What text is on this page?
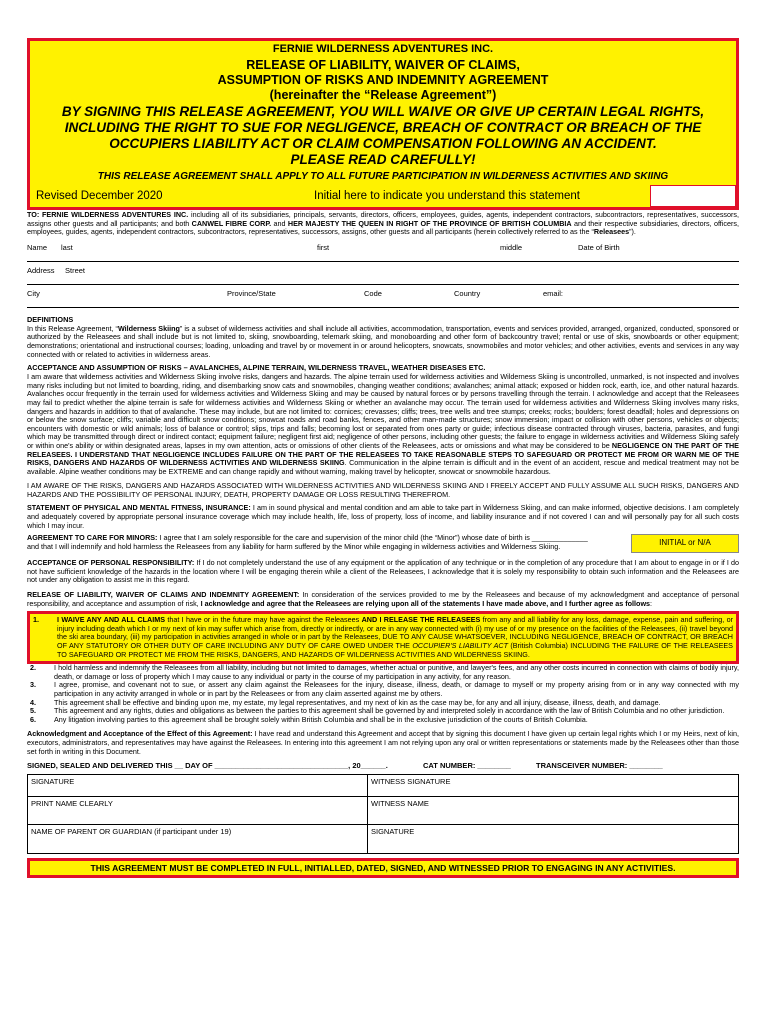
FERNIE WILDERNESS ADVENTURES INC.
RELEASE OF LIABILITY, WAIVER OF CLAIMS,
ASSUMPTION OF RISKS AND INDEMNITY AGREEMENT
(hereinafter the “Release Agreement”)
BY SIGNING THIS RELEASE AGREEMENT, YOU WILL WAIVE OR GIVE UP CERTAIN LEGAL RIGHTS,
INCLUDING THE RIGHT TO SUE FOR NEGLIGENCE, BREACH OF CONTRACT OR BREACH OF THE
OCCUPIERS LIABILITY ACT OR CLAIM COMPENSATION FOLLOWING AN ACCIDENT.
PLEASE READ CAREFULLY!
THIS RELEASE AGREEMENT SHALL APPLY TO ALL FUTURE PARTICIPATION IN WILDERNESS ACTIVITIES AND SKIING
Revised December 2020	Initial here to indicate you understand this statement
TO: FERNIE WILDERNESS ADVENTURES INC. including all of its subsidiaries, principals, servants, directors, officers, employees, guides, agents, independent contractors, subcontractors, representatives, successors, assigns other guests and all participants; and both CANWEL FIBRE CORP. and HER MAJESTY THE QUEEN IN RIGHT OF THE PROVINCE OF BRITISH COLUMBIA and their respective subsidiaries, directors, officers, employees, guides, agents, independent contractors, subcontractors, representatives, successors, assigns, other guests and all participants (herein collectively referred to as the “Releasees”).
Name	last	first	middle	Date of Birth
Address	Street
City	Province/State	Code	Country	email:
DEFINITIONS

In this Release Agreement, “Wilderness Skiing” is a subset of wilderness activities and shall include all activities, accommodation, transportation, events and services provided, arranged, organized, conducted, sponsored or authorized by the Releasees and shall include but is not limited to, skiing, snowboarding, telemark skiing, and monoboarding and other form of backcountry travel; rental or use of skis, snowboards or other equipment; demonstrations; orientational and instructional courses; loading, unloading and travel by or movement in or around helicopters, snowcats, snowmobiles and motor vehicles; and other activities, events and services in any way connected with or related to activities in wilderness areas.

ACCEPTANCE AND ASSUMPTION OF RISKS – AVALANCHES, ALPINE TERRAIN, WILDERNESS TRAVEL, WEATHER DISEASES ETC.

I am aware that wilderness activities and Wilderness Skiing involve risks, dangers and hazards. The alpine terrain used for wilderness activities and Wilderness Skiing is uncontrolled, unmarked, is not inspected and involves many risks including but not limited to boarding, riding, and disembarking snow cats and snowmobiles, changing weather conditions; avalanches; animal attack; exposed or hidden rock, earth, ice, and other natural hazards. Avalanches occur frequently in the terrain used for wilderness activities and Wilderness Skiing and may be caused by natural forces or by persons travelling through the terrain. I acknowledge and accept that the Releasees may fail to predict whether the alpine terrain is safe for wilderness activities and Wilderness Skiing or whether an avalanche may occur. The terrain used for wilderness activities and Wilderness Skiing involves many risks, dangers and hazards in addition to that of avalanche. These may include, but are not limited to: cornices; crevasses; cliffs; trees, tree wells and tree stumps; creeks; rocks; boulders; forest deadfall; holes and depressions on or below the snow surface; cliffs; variable and difficult snow conditions; snowcat roads and road banks, fences, and other man-made structures; snow immersion; impact or collision with other persons, vehicles or objects; encounters with domestic or wild animals; loss of balance or control; slips, trips and falls; becoming lost or separated from ones party or guide; infectious disease contracted through viruses, bacteria, parasites, and fungi which may be transmitted through direct or indirect contact; equipment failure; negligent first aid; negligence of other persons, including other guests; the failure to engage in wilderness activities and Wilderness Skiing safely or within one's ability or within designated areas, lapses in my own attention, acts or omissions of other clients of the Releasees, acts or omissions and what may be considered to be NEGLIGENCE ON THE PART OF THE RELEASEES. I UNDERSTAND THAT NEGLIGENCE INCLUDES FAILURE ON THE PART OF THE RELEASEES TO TAKE REASONABLE STEPS TO SAFEGUARD OR PROTECT ME FROM OR WARN ME OF THE RISKS, DANGERS AND HAZARDS OF WILDERNESS ACTIVITIES AND WILDERNESS SKIING. Communication in the alpine terrain is difficult and in the event of an accident, rescue and medical treatment may not be available. Alpine weather conditions may be EXTREME and can change rapidly and without warning, making travel by helicopter, snowcat or snowmobile hazardous.

I AM AWARE OF THE RISKS, DANGERS AND HAZARDS ASSOCIATED WITH WILDERNESS ACTIVITIES AND WILDERNESS SKIING AND I FREELY ACCEPT AND FULLY ASSUME ALL SUCH RISKS, DANGERS AND HAZARDS AND THE POSSIBILITY OF PERSONAL INJURY, DEATH, PROPERTY DAMAGE OR LOSS RESULTING THEREFROM.

STATEMENT OF PHYSICAL AND MENTAL FITNESS, INSURANCE: I am in sound physical and mental condition and am able to take part in Wilderness Skiing, and can make informed, objective decisions. I am completely and adequately covered by appropriate personal insurance coverage which may include health, life, loss of property, loss of income, and liability insurance and if not covered I can and will personally pay for all such costs which I may incur.

AGREEMENT TO CARE FOR MINORS: I agree that I am solely responsible for the care and supervision of the minor child (the “Minor”) whose date of birth is ______________
and that I will indemnify and hold harmless the Releasees from any liability for harm suffered by the Minor while engaging in wilderness activities and Wilderness Skiing.	INITIAL or N/A

ACCEPTANCE OF PERSONAL RESPONSIBILITY: If I do not completely understand the use of any equipment or the application of any technique or in the completion of any procedure that I am about to engage in or if I do not have sufficient knowledge of the hazards in the location where I will be engaging therein while a client of the Releasees, I acknowledge that it is solely my responsibility to obtain such information and the Releasees are not under any obligation to assist me in this regard.

RELEASE OF LIABILITY, WAIVER OF CLAIMS AND INDEMNITY AGREEMENT: In consideration of the services provided to me by the Releasees and because of my acknowledgment and acceptance of personal responsibility, and acceptance and assumption of risk, I acknowledge and agree that the Releasees are relying upon all of the statements I have made above, and I further agree as follows:

1.	I WAIVE ANY AND ALL CLAIMS that I have or in the future may have against the Releasees AND I RELEASE THE RELEASEES from any and all liability for any loss, damage, expense, pain and suffering, or injury including death which I or my next of kin may suffer which arise from, directly or indirectly, or are in any way connected with (i) my use of or my presence on the facilities of the Releasees, (ii) travel beyond the ski area boundary, (iii) my participation in activities arranged in whole or in part by the Releasees, DUE TO ANY CAUSE WHATSOEVER, INCLUDING NEGLIGENCE, BREACH OF CONTRACT, OR BREACH OF ANY STATUTORY OR OTHER DUTY OF CARE INCLUDING ANY DUTY OF CARE OWED UNDER THE OCCUPIER'S LIABILITY ACT (British Columbia) INCLUDING THE FAILURE OF THE RELEASEES TO SAFEGUARD OR PROTECT ME FROM THE RISKS, DANGERS, AND HAZARDS OF WILDERNESS ACTIVITIES AND WILDERNESS SKIING.
2.	I hold harmless and indemnify the Releasees from all liability, including but not limited to damages, whether actual or punitive, and lawyer's fees, and any other costs incurred in connection with claims of bodily injury, death, or damage or loss of property which I may cause to any individual or party in the course of my participation in any activity, for any reason.
3.	I agree, promise, and covenant not to sue, or assert any claim against the Releasees for the injury, disease, illness, death, or damage to myself or my property arising from or in any way connected with my participation in any activity arranged in whole or in part by the Releasees or from any claim asserted against me by others.
4.	This agreement shall be effective and binding upon me, my estate, my legal representatives, and my next of kin as the case may be, for any and all injury, disease, illness, death, and damage.
5.	This agreement and any rights, duties and obligations as between the parties to this agreement shall be governed by and interpreted solely in accordance with the law of British Columbia and no other jurisdiction.
6.	Any litigation involving parties to this agreement shall be brought solely within British Columbia and shall be in the exclusive jurisdiction of the courts of British Columbia.

Acknowledgment and Acceptance of the Effect of this Agreement: I have read and understand this Agreement and accept that by signing this document I have given up certain legal rights which I or my Heirs, next of kin, executors, administrators, and representatives may have against the Releasees. In entering into this agreement I am not relying upon any oral or written representations or statements made by the Releasees other than those set forth in writing in this Document.

SIGNED, SEALED AND DELIVERED THIS __ DAY OF ________________________________, 20______.	CAT NUMBER: ________	TRANSCEIVER NUMBER: ________
SIGNATURE	WITNESS SIGNATURE
PRINT NAME CLEARLY	WITNESS NAME
NAME OF PARENT OR GUARDIAN (if participant under 19)	SIGNATURE
THIS AGREEMENT MUST BE COMPLETED IN FULL, INITIALLED, DATED, SIGNED, AND WITNESSED PRIOR TO ENGAGING IN ANY ACTIVITIES.
